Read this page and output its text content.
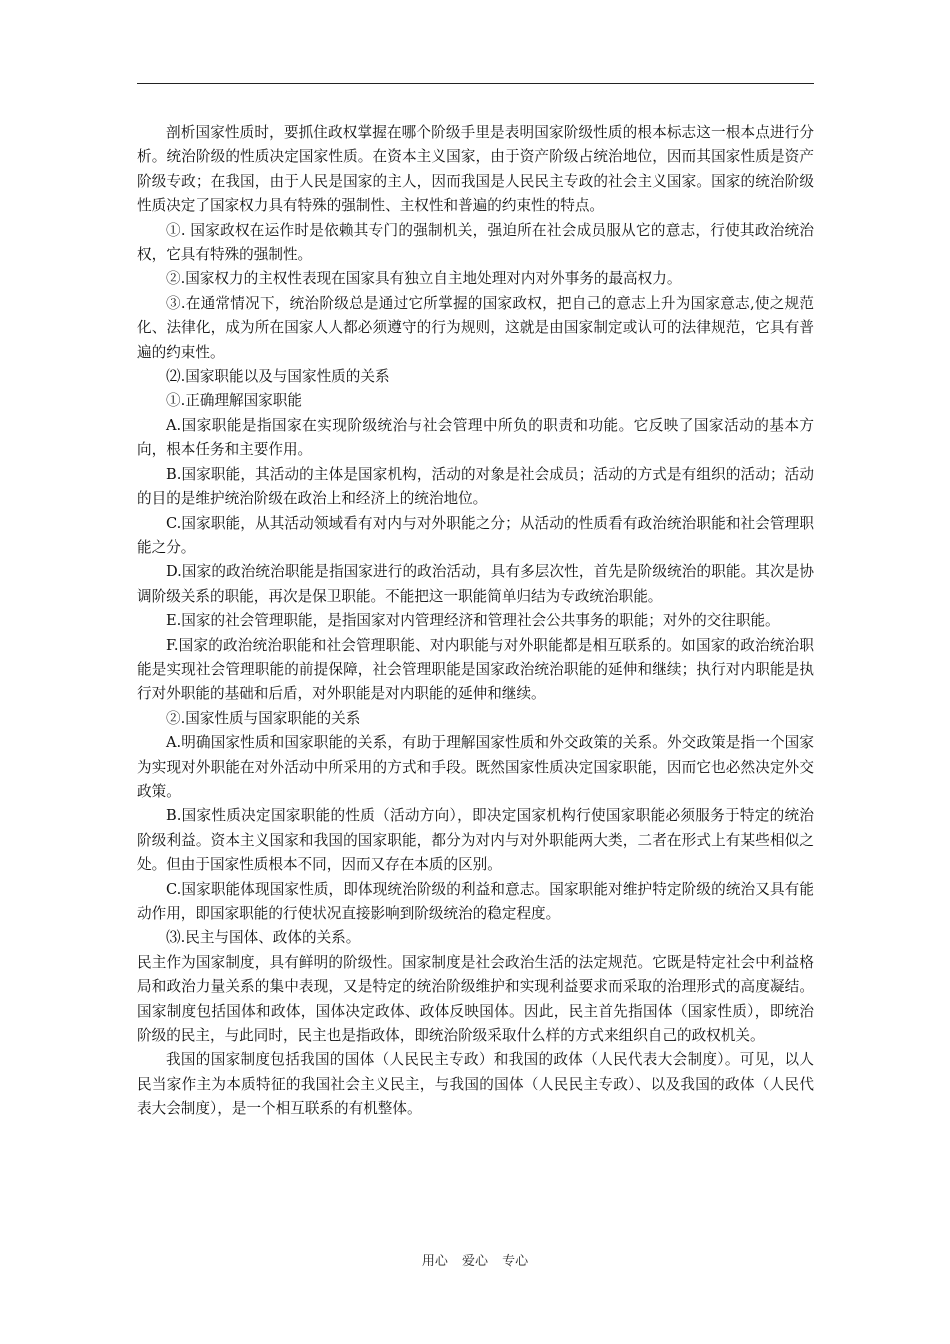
剖析国家性质时，要抓住政权掌握在哪个阶级手里是表明国家阶级性质的根本标志这一根本点进行分析。统治阶级的性质决定国家性质。在资本主义国家，由于资产阶级占统治地位，因而其国家性质是资产阶级专政；在我国，由于人民是国家的主人，因而我国是人民民主专政的社会主义国家。国家的统治阶级性质决定了国家权力具有特殊的强制性、主权性和普遍的约束性的特点。

①. 国家政权在运作时是依赖其专门的强制机关，强迫所在社会成员服从它的意志，行使其政治统治权，它具有特殊的强制性。

②.国家权力的主权性表现在国家具有独立自主地处理对内对外事务的最高权力。

③.在通常情况下，统治阶级总是通过它所掌握的国家政权，把自己的意志上升为国家意志,使之规范化、法律化，成为所在国家人人都必须遵守的行为规则，这就是由国家制定或认可的法律规范，它具有普遍的约束性。

⑵.国家职能以及与国家性质的关系

①.正确理解国家职能

A.国家职能是指国家在实现阶级统治与社会管理中所负的职责和功能。它反映了国家活动的基本方向，根本任务和主要作用。

B.国家职能，其活动的主体是国家机构，活动的对象是社会成员；活动的方式是有组织的活动；活动的目的是维护统治阶级在政治上和经济上的统治地位。

C.国家职能，从其活动领域看有对内与对外职能之分；从活动的性质看有政治统治职能和社会管理职能之分。

D.国家的政治统治职能是指国家进行的政治活动，具有多层次性，首先是阶级统治的职能。其次是协调阶级关系的职能，再次是保卫职能。不能把这一职能简单归结为专政统治职能。

E.国家的社会管理职能，是指国家对内管理经济和管理社会公共事务的职能；对外的交往职能。

F.国家的政治统治职能和社会管理职能、对内职能与对外职能都是相互联系的。如国家的政治统治职能是实现社会管理职能的前提保障，社会管理职能是国家政治统治职能的延伸和继续；执行对内职能是执行对外职能的基础和后盾，对外职能是对内职能的延伸和继续。

②.国家性质与国家职能的关系

A.明确国家性质和国家职能的关系，有助于理解国家性质和外交政策的关系。外交政策是指一个国家为实现对外职能在对外活动中所采用的方式和手段。既然国家性质决定国家职能，因而它也必然决定外交政策。

B.国家性质决定国家职能的性质（活动方向），即决定国家机构行使国家职能必须服务于特定的统治阶级利益。资本主义国家和我国的国家职能，都分为对内与对外职能两大类，二者在形式上有某些相似之处。但由于国家性质根本不同，因而又存在本质的区别。

C.国家职能体现国家性质，即体现统治阶级的利益和意志。国家职能对维护特定阶级的统治又具有能动作用，即国家职能的行使状况直接影响到阶级统治的稳定程度。

⑶.民主与国体、政体的关系。

民主作为国家制度，具有鲜明的阶级性。国家制度是社会政治生活的法定规范。它既是特定社会中利益格局和政治力量关系的集中表现，又是特定的统治阶级维护和实现利益要求而采取的治理形式的高度凝结。国家制度包括国体和政体，国体决定政体、政体反映国体。因此，民主首先指国体（国家性质），即统治阶级的民主，与此同时，民主也是指政体，即统治阶级采取什么样的方式来组织自己的政权机关。

我国的国家制度包括我国的国体（人民民主专政）和我国的政体（人民代表大会制度）。可见，以人民当家作主为本质特征的我国社会主义民主，与我国的国体（人民民主专政）、以及我国的政体（人民代表大会制度），是一个相互联系的有机整体。

用心 爱心 专心
